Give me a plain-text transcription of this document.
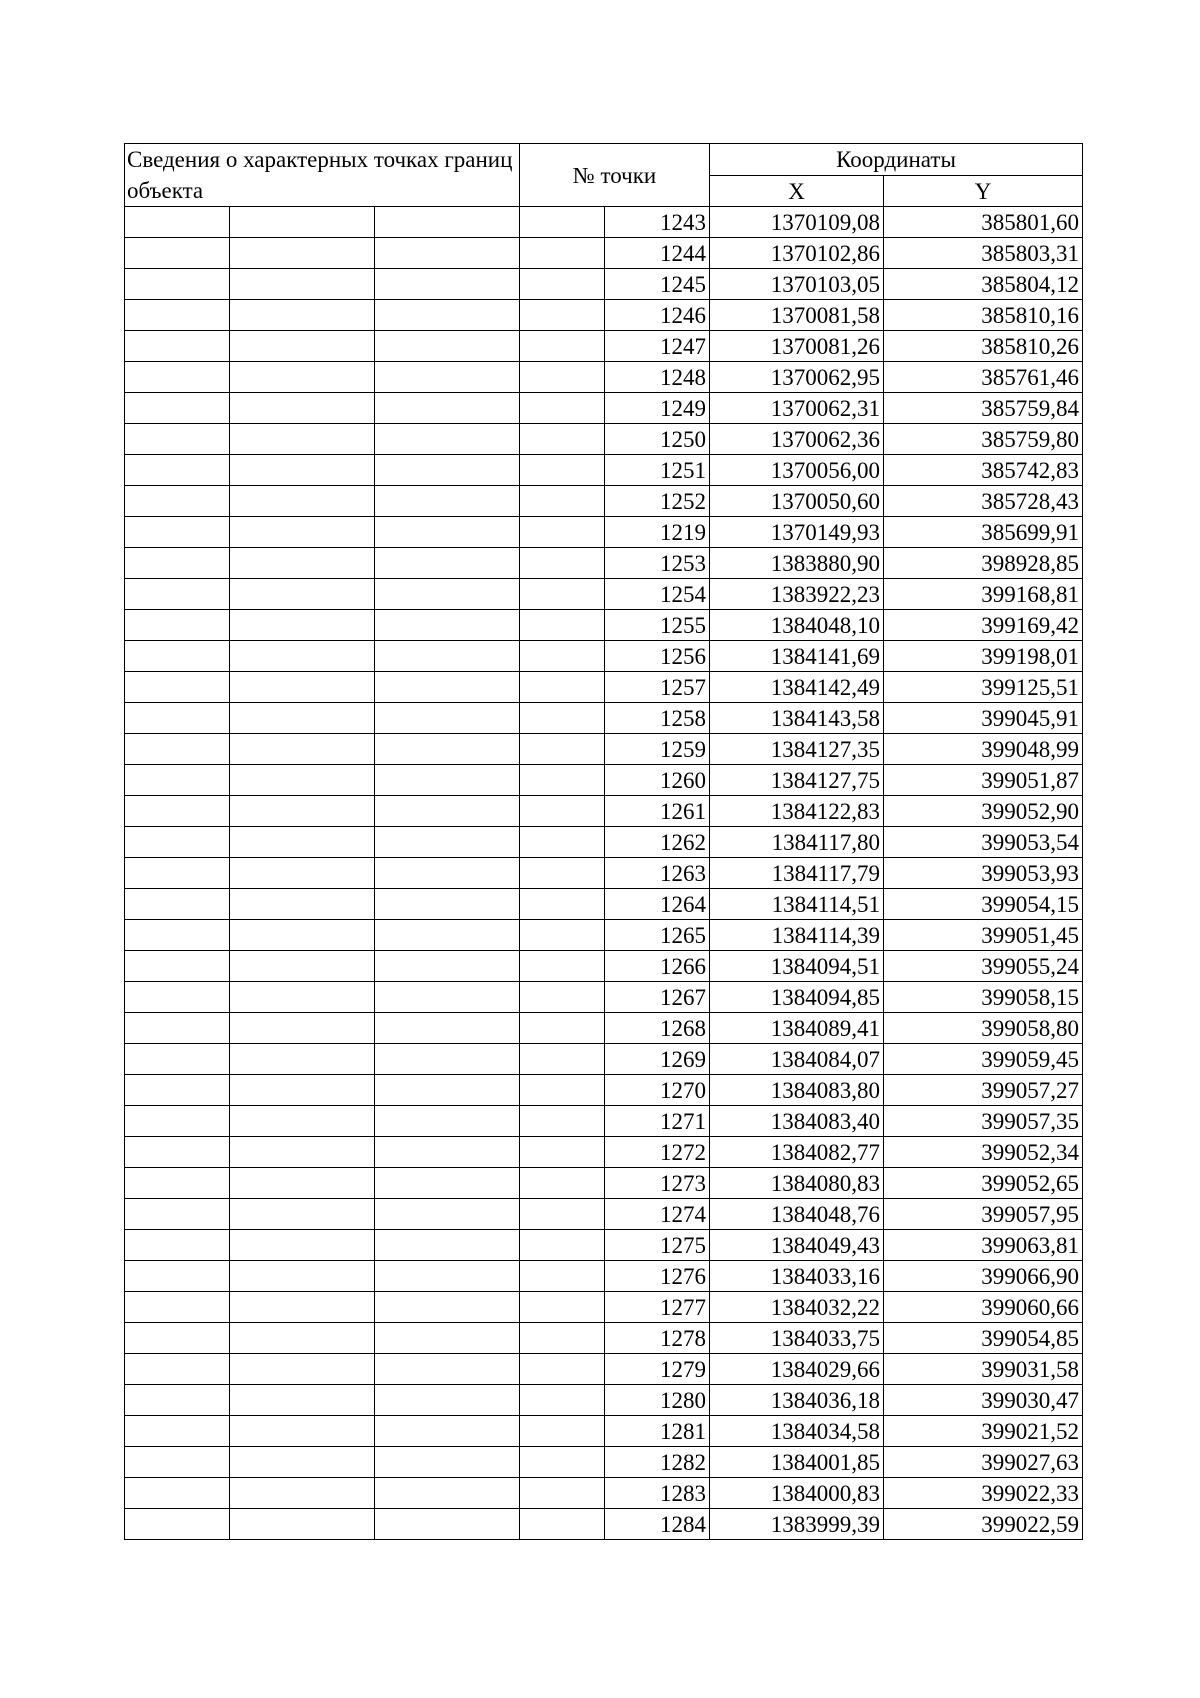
Сведения о характерных точках границ объекта			№ точки		Координаты	
					X	Y
				1243	1370109,08	385801,60
				1244	1370102,86	385803,31
				1245	1370103,05	385804,12
				1246	1370081,58	385810,16
				1247	1370081,26	385810,26
				1248	1370062,95	385761,46
				1249	1370062,31	385759,84
				1250	1370062,36	385759,80
				1251	1370056,00	385742,83
				1252	1370050,60	385728,43
				1219	1370149,93	385699,91
				1253	1383880,90	398928,85
				1254	1383922,23	399168,81
				1255	1384048,10	399169,42
				1256	1384141,69	399198,01
				1257	1384142,49	399125,51
				1258	1384143,58	399045,91
				1259	1384127,35	399048,99
				1260	1384127,75	399051,87
				1261	1384122,83	399052,90
				1262	1384117,80	399053,54
				1263	1384117,79	399053,93
				1264	1384114,51	399054,15
				1265	1384114,39	399051,45
				1266	1384094,51	399055,24
				1267	1384094,85	399058,15
				1268	1384089,41	399058,80
				1269	1384084,07	399059,45
				1270	1384083,80	399057,27
				1271	1384083,40	399057,35
				1272	1384082,77	399052,34
				1273	1384080,83	399052,65
				1274	1384048,76	399057,95
				1275	1384049,43	399063,81
				1276	1384033,16	399066,90
				1277	1384032,22	399060,66
				1278	1384033,75	399054,85
				1279	1384029,66	399031,58
				1280	1384036,18	399030,47
				1281	1384034,58	399021,52
				1282	1384001,85	399027,63
				1283	1384000,83	399022,33
				1284	1383999,39	399022,59
